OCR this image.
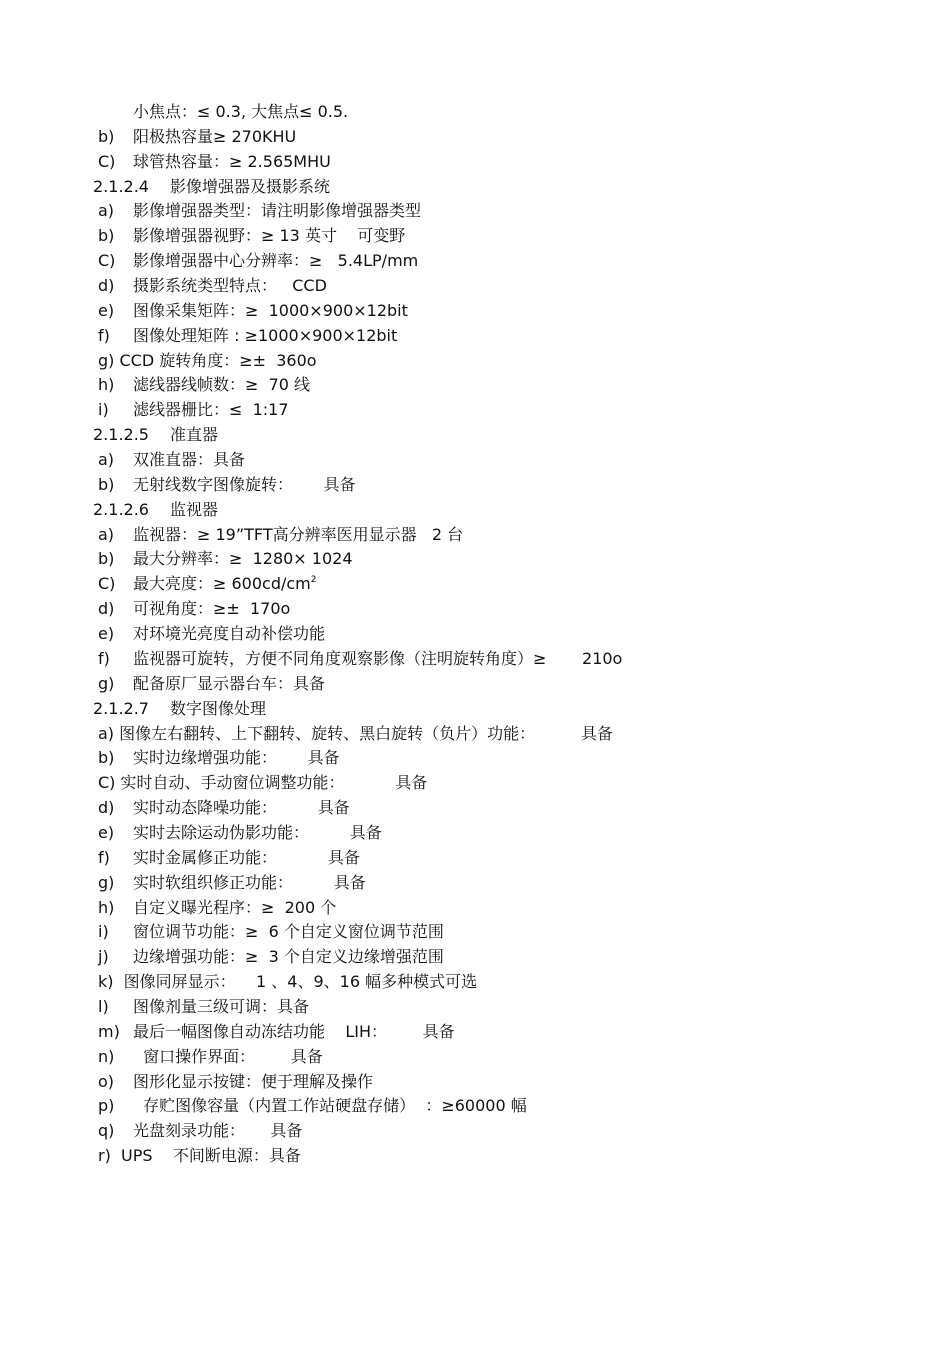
小焦点：≤ 0.3, 大焦点≤ 0.5.
b) 阳极热容量≥ 270KHU
C) 球管热容量：≥ 2.565MHU
2.1.2.4 影像增强器及摄影系统
a) 影像增强器类型：请注明影像增强器类型
b) 影像增强器视野：≥ 13 英寸    可变野
C) 影像增强器中心分辨率：≥   5.4LP/mm
d) 摄影系统类型特点：   CCD
e) 图像采集矩阵：≥  1000×900×12bit
f) 图像处理矩阵 : ≥1000×900×12bit
g) CCD 旋转角度：≥±  360o
h) 滤线器线帧数：≥  70 线
i) 滤线器栅比：≤  1:17
2.1.2.5 准直器
a) 双准直器：具备
b) 无射线数字图像旋转：      具备
2.1.2.6 监视器
a) 监视器：≥ 19”TFT高分辨率医用显示器   2 台
b) 最大分辨率：≥  1280× 1024
C) 最大亮度：≥ $600cd/cm^2$
d) 可视角度：≥±  170o
e) 对环境光亮度自动补偿功能
f) 监视器可旋转，方便不同角度观察影像（注明旋转角度）≥       210o
g) 配备原厂显示器台车：具备
2.1.2.7 数字图像处理
a) 图像左右翻转、上下翻转、旋转、黑白旋转（负片）功能：         具备
b) 实时边缘增强功能：      具备
C) 实时自动、手动窗位调整功能：          具备
d) 实时动态降噪功能：        具备
e) 实时去除运动伪影功能：        具备
f) 实时金属修正功能：          具备
g) 实时软组织修正功能：        具备
h) 自定义曝光程序：≥  200 个
i) 窗位调节功能：≥  6 个自定义窗位调节范围
j) 边缘增强功能：≥  3 个自定义边缘增强范围
k)  图像同屏显示：    1 、4、9、16 幅多种模式可选
l) 图像剂量三级可调：具备
m) 最后一幅图像自动冻结功能    LIH：       具备
n)  窗口操作界面：       具备
o) 图形化显示按键：便于理解及操作
p)  存贮图像容量（内置工作站硬盘存储）  ：≥60000 幅
q) 光盘刻录功能：     具备
r)  UPS    不间断电源：具备
